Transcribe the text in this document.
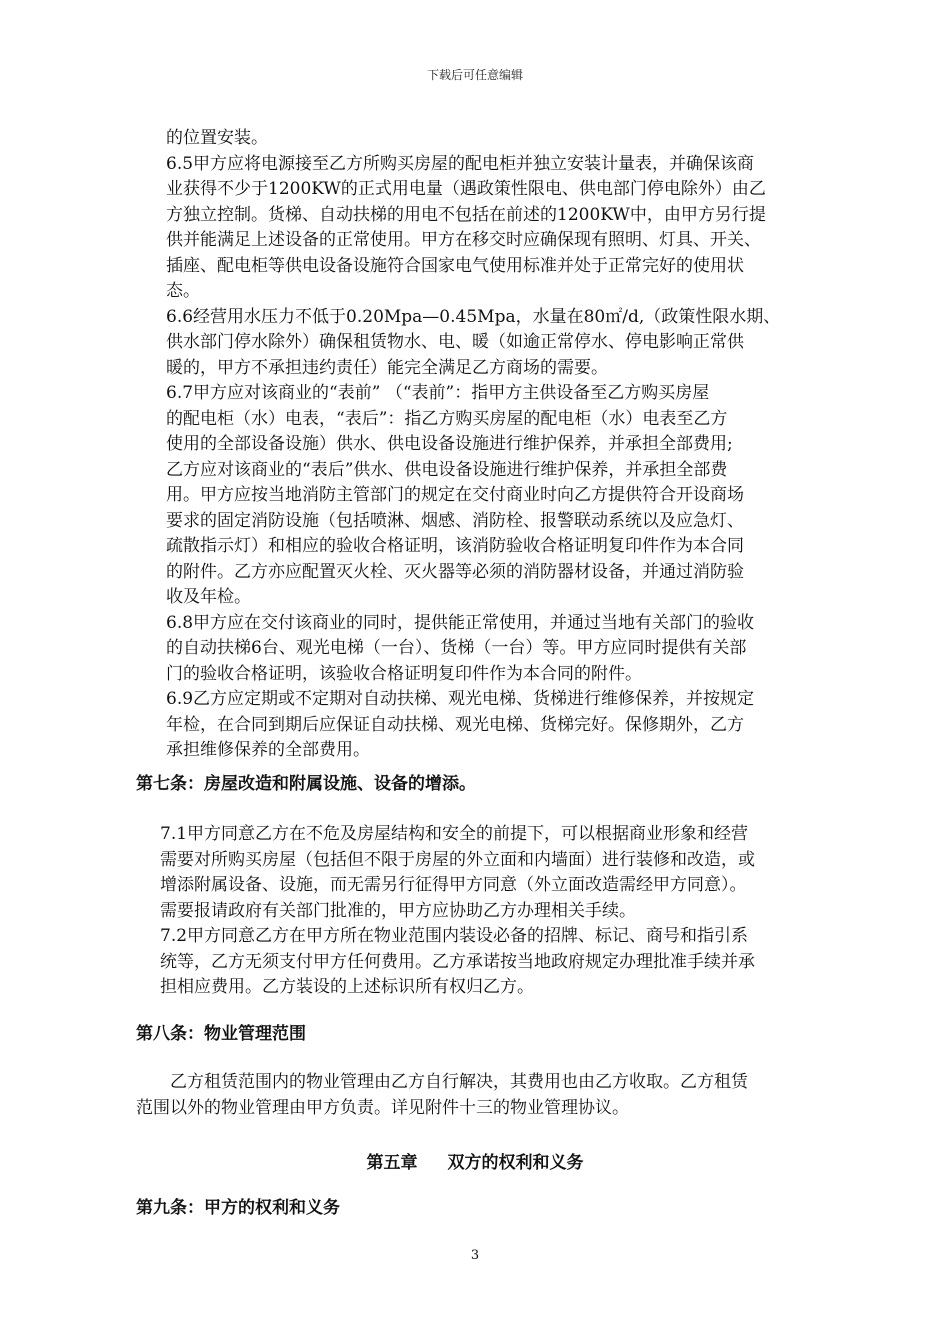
下载后可任意编辑
的位置安装。
6.5甲方应将电源接至乙方所购买房屋的配电柜并独立安装计量表，并确保该商
业获得不少于1200KW的正式用电量（遇政策性限电、供电部门停电除外）由乙
方独立控制。货梯、自动扶梯的用电不包括在前述的1200KW中，由甲方另行提
供并能满足上述设备的正常使用。甲方在移交时应确保现有照明、灯具、开关、
插座、配电柜等供电设备设施符合国家电气使用标准并处于正常完好的使用状
态。
6.6经营用水压力不低于0.20Mpa—0.45Mpa，水量在80㎡/d,（政策性限水期、
供水部门停水除外）确保租赁物水、电、暖（如逾正常停水、停电影响正常供
暖的，甲方不承担违约责任）能完全满足乙方商场的需要。
6.7甲方应对该商业的“表前” （“表前”：指甲方主供设备至乙方购买房屋
的配电柜（水）电表，“表后”：指乙方购买房屋的配电柜（水）电表至乙方
使用的全部设备设施）供水、供电设备设施进行维护保养，并承担全部费用;
乙方应对该商业的“表后”供水、供电设备设施进行维护保养，并承担全部费
用。甲方应按当地消防主管部门的规定在交付商业时向乙方提供符合开设商场
要求的固定消防设施（包括喷淋、烟感、消防栓、报警联动系统以及应急灯、
疏散指示灯）和相应的验收合格证明，该消防验收合格证明复印件作为本合同
的附件。乙方亦应配置灭火栓、灭火器等必须的消防器材设备，并通过消防验
收及年检。
6.8甲方应在交付该商业的同时，提供能正常使用，并通过当地有关部门的验收
的自动扶梯6台、观光电梯（一台）、货梯（一台）等。甲方应同时提供有关部
门的验收合格证明，该验收合格证明复印件作为本合同的附件。
6.9乙方应定期或不定期对自动扶梯、观光电梯、货梯进行维修保养，并按规定
年检，在合同到期后应保证自动扶梯、观光电梯、货梯完好。保修期外，乙方
承担维修保养的全部费用。
第七条：房屋改造和附属设施、设备的增添。
7.1甲方同意乙方在不危及房屋结构和安全的前提下，可以根据商业形象和经营
需要对所购买房屋（包括但不限于房屋的外立面和内墙面）进行装修和改造，或
增添附属设备、设施，而无需另行征得甲方同意（外立面改造需经甲方同意）。
需要报请政府有关部门批准的，甲方应协助乙方办理相关手续。
7.2甲方同意乙方在甲方所在物业范围内装设必备的招牌、标记、商号和指引系
统等，乙方无须支付甲方任何费用。乙方承诺按当地政府规定办理批准手续并承
担相应费用。乙方装设的上述标识所有权归乙方。
第八条：物业管理范围
乙方租赁范围内的物业管理由乙方自行解决，其费用也由乙方收取。乙方租赁
范围以外的物业管理由甲方负责。详见附件十三的物业管理协议。
第五章 双方的权利和义务
第九条：甲方的权利和义务
3
